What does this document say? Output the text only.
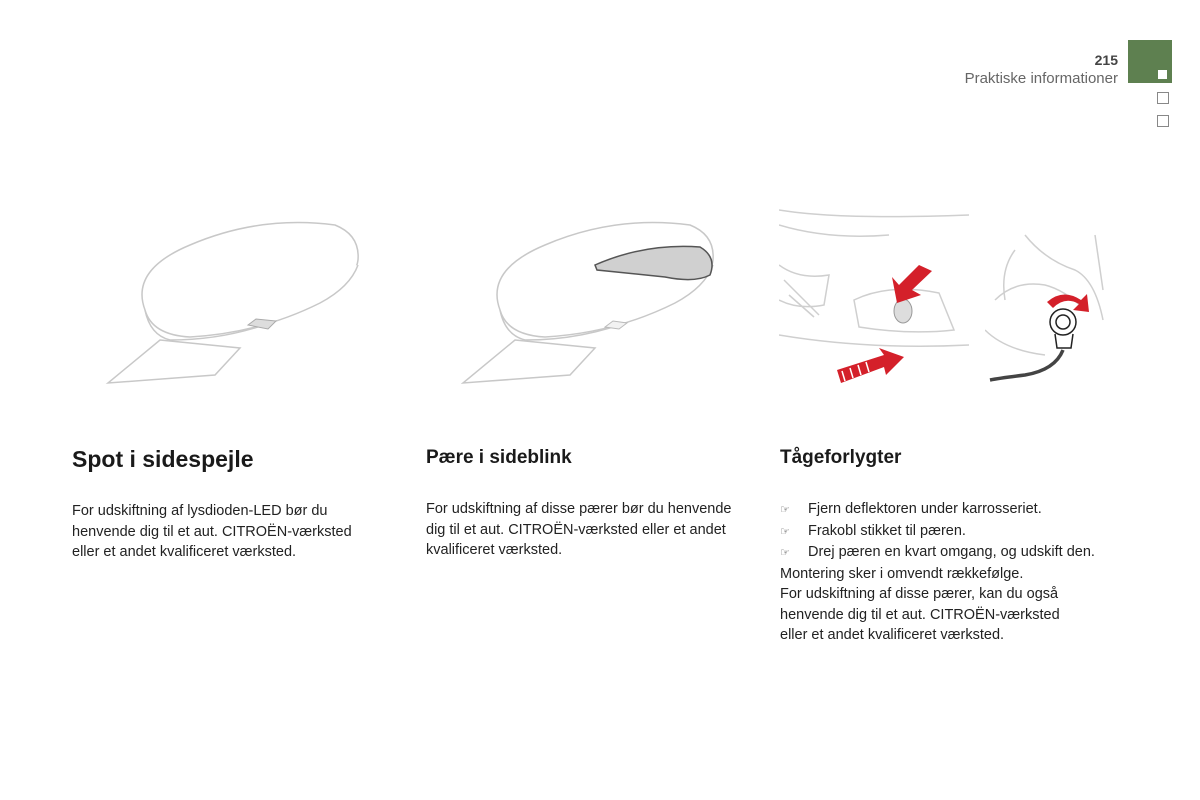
215
Praktiske informationer
Spot i sidespejle
For udskiftning af lysdioden-LED bør du
henvende dig til et aut. CITROËN-værksted
eller et andet kvalificeret værksted.
Pære i sideblink
For udskiftning af disse pærer bør du henvende
dig til et aut. CITROËN-værksted eller et andet
kvalificeret værksted.
Tågeforlygter
☞ Fjern deflektoren under karrosseriet.
☞ Frakobl stikket til pæren.
☞ Drej pæren en kvart omgang, og udskift den.
Montering sker i omvendt rækkefølge.
For udskiftning af disse pærer, kan du også
henvende dig til et aut. CITROËN-værksted
eller et andet kvalificeret værksted.
